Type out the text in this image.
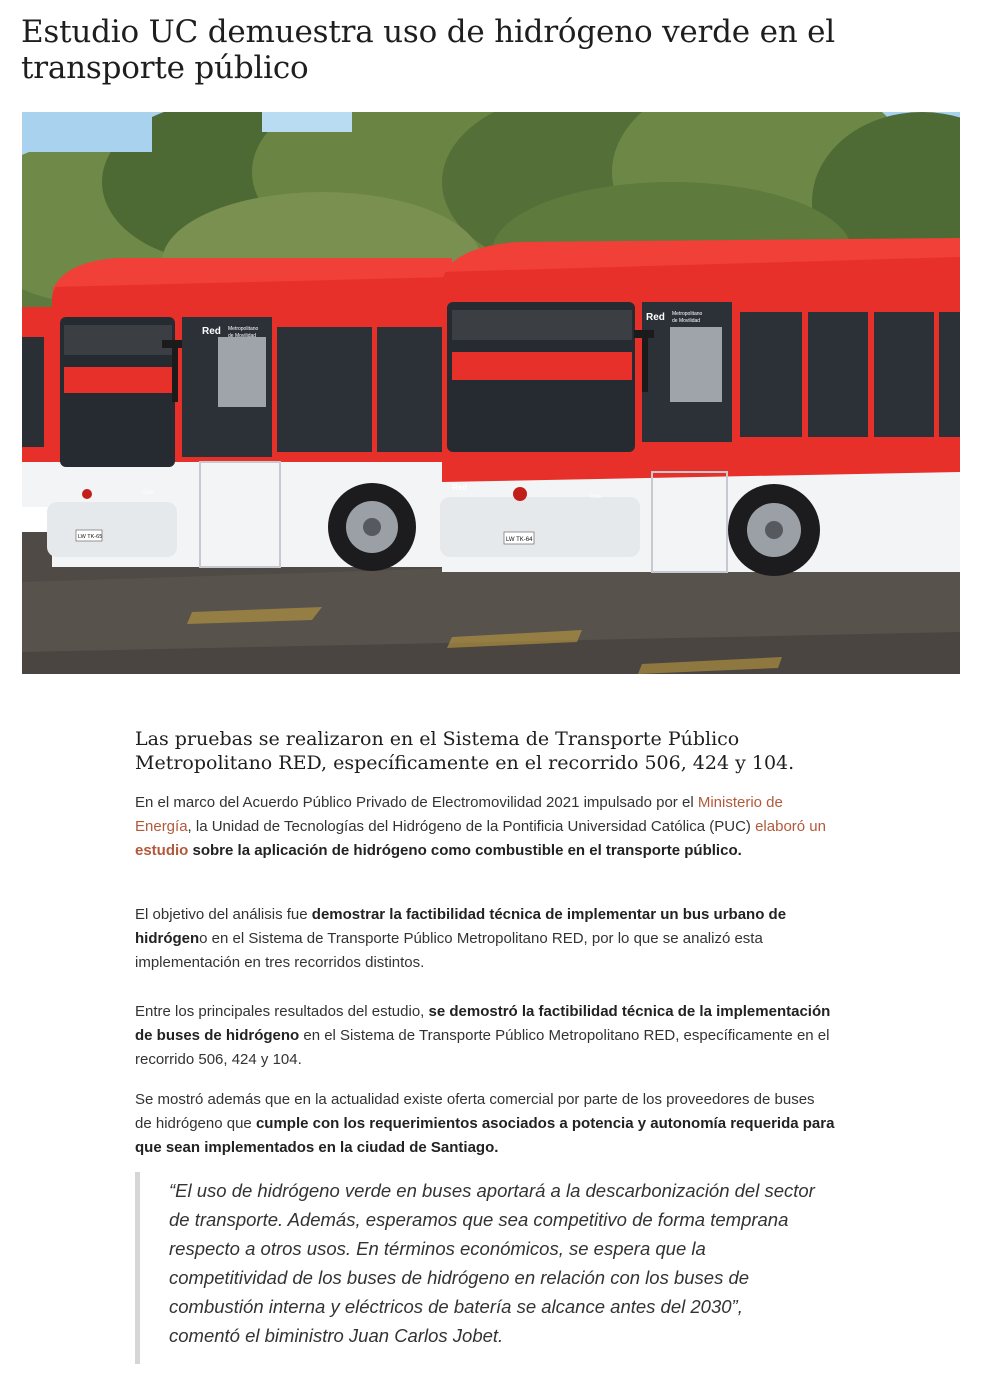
Estudio UC demuestra uso de hidrógeno verde en el transporte público
Red Metropolitano
de Movilidad
LW TK-65
Chile
Red Metropolitano
de Movilidad
Red
LW TK-64
Chile

Las pruebas se realizaron en el Sistema de Transporte Público Metropolitano RED, específicamente en el recorrido 506, 424 y 104.

En el marco del Acuerdo Público Privado de Electromovilidad 2021 impulsado por el Ministerio de Energía, la Unidad de Tecnologías del Hidrógeno de la Pontificia Universidad Católica (PUC) elaboró un estudio sobre la aplicación de hidrógeno como combustible en el transporte público.

El objetivo del análisis fue demostrar la factibilidad técnica de implementar un bus urbano de hidrógeno en el Sistema de Transporte Público Metropolitano RED, por lo que se analizó esta implementación en tres recorridos distintos.

Entre los principales resultados del estudio, se demostró la factibilidad técnica de la implementación de buses de hidrógeno en el Sistema de Transporte Público Metropolitano RED, específicamente en el recorrido 506, 424 y 104.

Se mostró además que en la actualidad existe oferta comercial por parte de los proveedores de buses de hidrógeno que cumple con los requerimientos asociados a potencia y autonomía requerida para que sean implementados en la ciudad de Santiago.

“El uso de hidrógeno verde en buses aportará a la descarbonización del sector de transporte. Además, esperamos que sea competitivo de forma temprana respecto a otros usos. En términos económicos, se espera que la competitividad de los buses de hidrógeno en relación con los buses de combustión interna y eléctricos de batería se alcance antes del 2030”, comentó el biministro Juan Carlos Jobet.
